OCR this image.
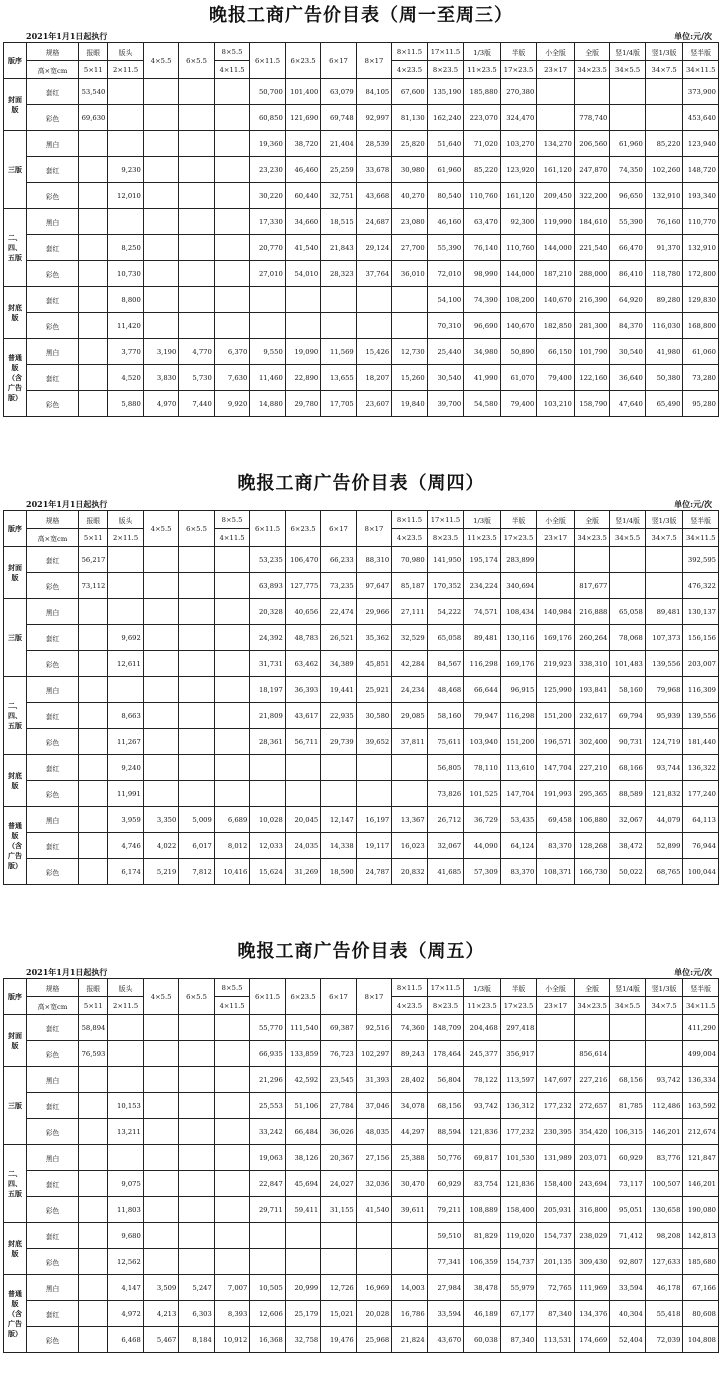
晚报工商广告价目表（周一至周三）
2021年1月1日起执行	单位:元/次
版序	规格	报眼	版头	4×5.5	6×5.5	8×5.5	6×11.5	6×23.5	6×17	8×17	8×11.5	17×11.5	1/3版	半版	小全版	全版	竖1/4版	竖1/3版	竖半版
	高×宽cm	5×11	2×11.5			4×11.5					4×23.5	8×23.5	11×23.5	17×23.5	23×17	34×23.5	34×5.5	34×7.5	34×11.5
封面版	套红	53,540					50,700	101,400	63,079	84,105	67,600	135,190	185,880	270,380					373,900
	彩色	69,630					60,850	121,690	69,748	92,997	81,130	162,240	223,070	324,470		778,740			453,640
三版	黑白						19,360	38,720	21,404	28,539	25,820	51,640	71,020	103,270	134,270	206,560	61,960	85,220	123,940
	套红		9,230				23,230	46,460	25,259	33,678	30,980	61,960	85,220	123,920	161,120	247,870	74,350	102,260	148,720
	彩色		12,010				30,220	60,440	32,751	43,668	40,270	80,540	110,760	161,120	209,450	322,200	96,650	132,910	193,340
二、四、五版	黑白						17,330	34,660	18,515	24,687	23,080	46,160	63,470	92,300	119,990	184,610	55,390	76,160	110,770
	套红		8,250				20,770	41,540	21,843	29,124	27,700	55,390	76,140	110,760	144,000	221,540	66,470	91,370	132,910
	彩色		10,730				27,010	54,010	28,323	37,764	36,010	72,010	98,990	144,000	187,210	288,000	86,410	118,780	172,800
封底版	套红		8,800									54,100	74,390	108,200	140,670	216,390	64,920	89,280	129,830
	彩色		11,420									70,310	96,690	140,670	182,850	281,300	84,370	116,030	168,800
普通版（含广告版）	黑白		3,770	3,190	4,770	6,370	9,550	19,090	11,569	15,426	12,730	25,440	34,980	50,890	66,150	101,790	30,540	41,980	61,060
	套红		4,520	3,830	5,730	7,630	11,460	22,890	13,655	18,207	15,260	30,540	41,990	61,070	79,400	122,160	36,640	50,380	73,280
	彩色		5,880	4,970	7,440	9,920	14,880	29,780	17,705	23,607	19,840	39,700	54,580	79,400	103,210	158,790	47,640	65,490	95,280
晚报工商广告价目表（周四）
2021年1月1日起执行	单位:元/次
版序	规格	报眼	版头	4×5.5	6×5.5	8×5.5	6×11.5	6×23.5	6×17	8×17	8×11.5	17×11.5	1/3版	半版	小全版	全版	竖1/4版	竖1/3版	竖半版
	高×宽cm	5×11	2×11.5			4×11.5					4×23.5	8×23.5	11×23.5	17×23.5	23×17	34×23.5	34×5.5	34×7.5	34×11.5
封面版	套红	56,217					53,235	106,470	66,233	88,310	70,980	141,950	195,174	283,899					392,595
	彩色	73,112					63,893	127,775	73,235	97,647	85,187	170,352	234,224	340,694		817,677			476,322
三版	黑白						20,328	40,656	22,474	29,966	27,111	54,222	74,571	108,434	140,984	216,888	65,058	89,481	130,137
	套红		9,692				24,392	48,783	26,521	35,362	32,529	65,058	89,481	130,116	169,176	260,264	78,068	107,373	156,156
	彩色		12,611				31,731	63,462	34,389	45,851	42,284	84,567	116,298	169,176	219,923	338,310	101,483	139,556	203,007
二、四、五版	黑白						18,197	36,393	19,441	25,921	24,234	48,468	66,644	96,915	125,990	193,841	58,160	79,968	116,309
	套红		8,663				21,809	43,617	22,935	30,580	29,085	58,160	79,947	116,298	151,200	232,617	69,794	95,939	139,556
	彩色		11,267				28,361	56,711	29,739	39,652	37,811	75,611	103,940	151,200	196,571	302,400	90,731	124,719	181,440
封底版	套红		9,240									56,805	78,110	113,610	147,704	227,210	68,166	93,744	136,322
	彩色		11,991									73,826	101,525	147,704	191,993	295,365	88,589	121,832	177,240
普通版（含广告版）	黑白		3,959	3,350	5,009	6,689	10,028	20,045	12,147	16,197	13,367	26,712	36,729	53,435	69,458	106,880	32,067	44,079	64,113
	套红		4,746	4,022	6,017	8,012	12,033	24,035	14,338	19,117	16,023	32,067	44,090	64,124	83,370	128,268	38,472	52,899	76,944
	彩色		6,174	5,219	7,812	10,416	15,624	31,269	18,590	24,787	20,832	41,685	57,309	83,370	108,371	166,730	50,022	68,765	100,044
晚报工商广告价目表（周五）
2021年1月1日起执行	单位:元/次
版序	规格	报眼	版头	4×5.5	6×5.5	8×5.5	6×11.5	6×23.5	6×17	8×17	8×11.5	17×11.5	1/3版	半版	小全版	全版	竖1/4版	竖1/3版	竖半版
	高×宽cm	5×11	2×11.5			4×11.5					4×23.5	8×23.5	11×23.5	17×23.5	23×17	34×23.5	34×5.5	34×7.5	34×11.5
封面版	套红	58,894					55,770	111,540	69,387	92,516	74,360	148,709	204,468	297,418					411,290
	彩色	76,593					66,935	133,859	76,723	102,297	89,243	178,464	245,377	356,917		856,614			499,004
三版	黑白						21,296	42,592	23,545	31,393	28,402	56,804	78,122	113,597	147,697	227,216	68,156	93,742	136,334
	套红		10,153				25,553	51,106	27,784	37,046	34,078	68,156	93,742	136,312	177,232	272,657	81,785	112,486	163,592
	彩色		13,211				33,242	66,484	36,026	48,035	44,297	88,594	121,836	177,232	230,395	354,420	106,315	146,201	212,674
二、四、五版	黑白						19,063	38,126	20,367	27,156	25,388	50,776	69,817	101,530	131,989	203,071	60,929	83,776	121,847
	套红		9,075				22,847	45,694	24,027	32,036	30,470	60,929	83,754	121,836	158,400	243,694	73,117	100,507	146,201
	彩色		11,803				29,711	59,411	31,155	41,540	39,611	79,211	108,889	158,400	205,931	316,800	95,051	130,658	190,080
封底版	套红		9,680									59,510	81,829	119,020	154,737	238,029	71,412	98,208	142,813
	彩色		12,562									77,341	106,359	154,737	201,135	309,430	92,807	127,633	185,680
普通版（含广告版）	黑白		4,147	3,509	5,247	7,007	10,505	20,999	12,726	16,969	14,003	27,984	38,478	55,979	72,765	111,969	33,594	46,178	67,166
	套红		4,972	4,213	6,303	8,393	12,606	25,179	15,021	20,028	16,786	33,594	46,189	67,177	87,340	134,376	40,304	55,418	80,608
	彩色		6,468	5,467	8,184	10,912	16,368	32,758	19,476	25,968	21,824	43,670	60,038	87,340	113,531	174,669	52,404	72,039	104,808
